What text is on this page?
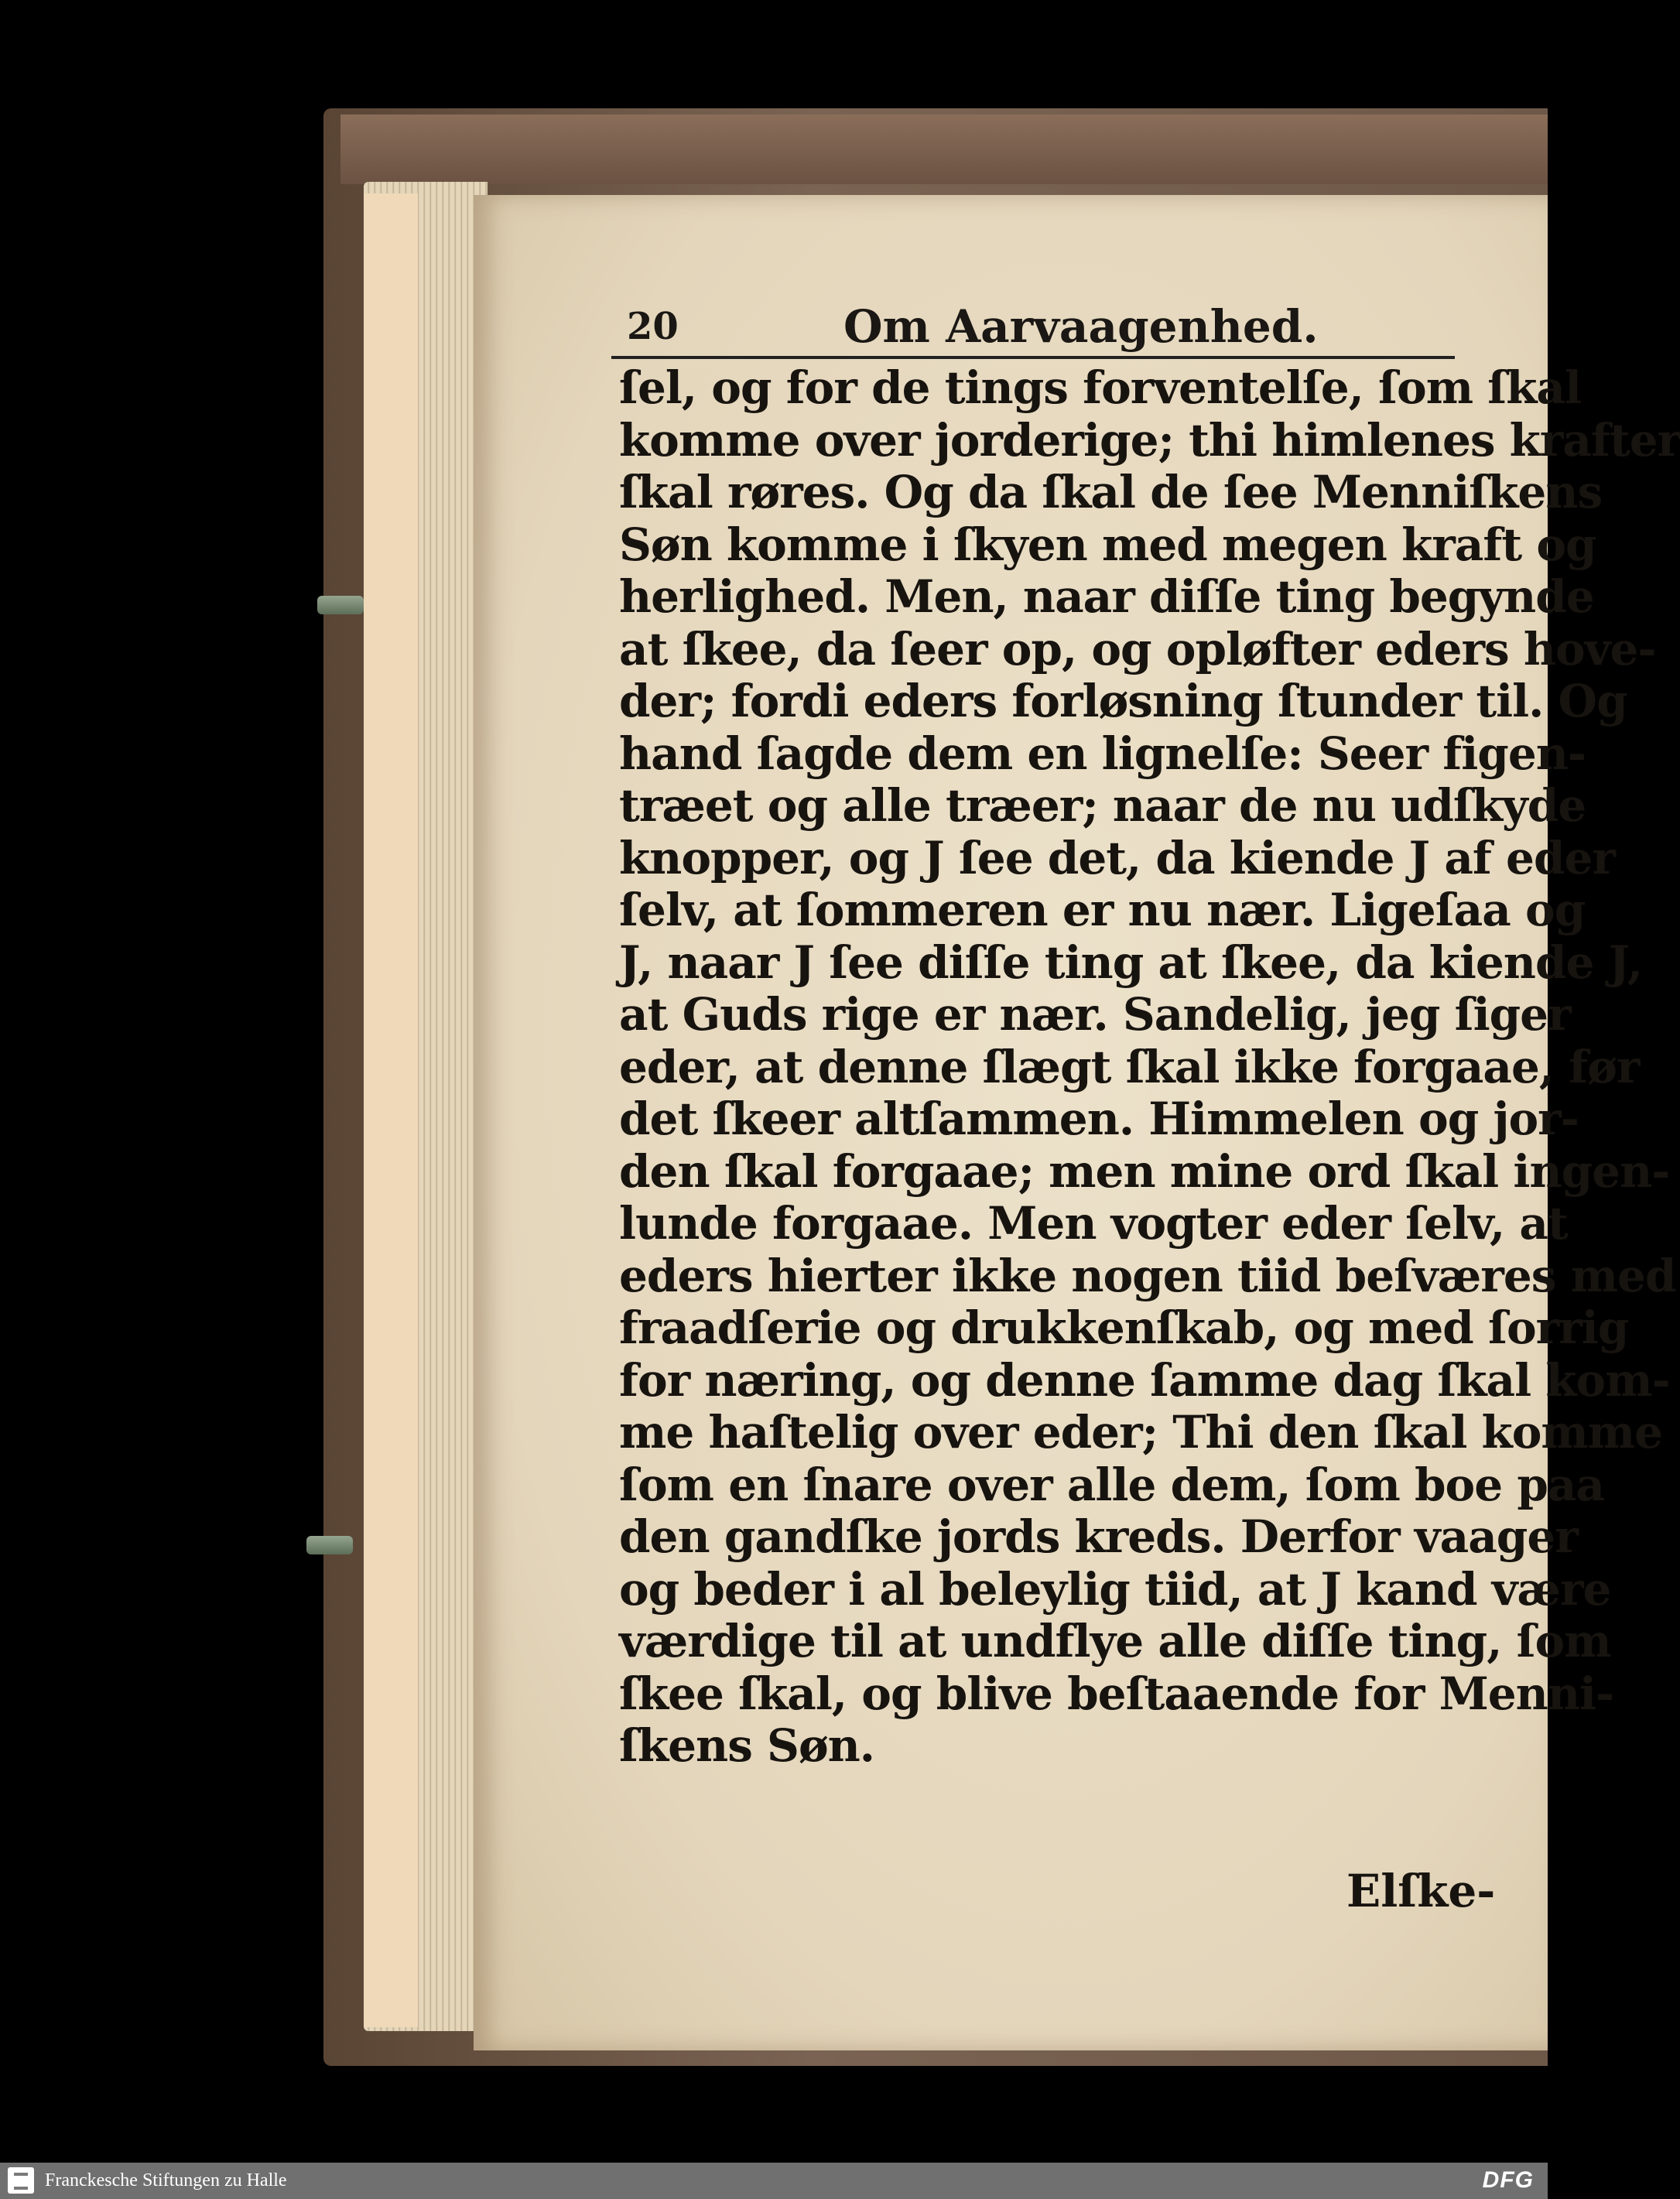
20	Om Aarvaagenhed.
ſel, og for de tings forventelſe, ſom ſkal
komme over jorderige; thi himlenes krafter
ſkal røres. Og da ſkal de ſee Menniſkens
Søn komme i ſkyen med megen kraft og
herlighed. Men, naar diſſe ting begynde
at ſkee, da ſeer op, og opløfter eders hove-
der; fordi eders forløsning ſtunder til. Og
hand ſagde dem en lignelſe: Seer figen-
træet og alle træer; naar de nu udſkyde
knopper, og J ſee det, da kiende J af eder
ſelv, at ſommeren er nu nær. Ligeſaa og
J, naar J ſee diſſe ting at ſkee, da kiende J,
at Guds rige er nær. Sandelig, jeg ſiger
eder, at denne ſlægt ſkal ikke forgaae, før
det ſkeer altſammen. Himmelen og jor-
den ſkal forgaae; men mine ord ſkal ingen-
lunde forgaae. Men vogter eder ſelv, at
eders hierter ikke nogen tiid beſværes med
fraadſerie og drukkenſkab, og med ſorrig
for næring, og denne ſamme dag ſkal kom-
me haſtelig over eder; Thi den ſkal komme
ſom en ſnare over alle dem, ſom boe paa
den gandſke jords kreds. Derfor vaager
og beder i al beleylig tiid, at J kand være
værdige til at undflye alle diſſe ting, ſom
ſkee ſkal, og blive beſtaaende for Menni-
ſkens Søn.
Elſke-
Franckesche Stiftungen zu Halle	DFG
